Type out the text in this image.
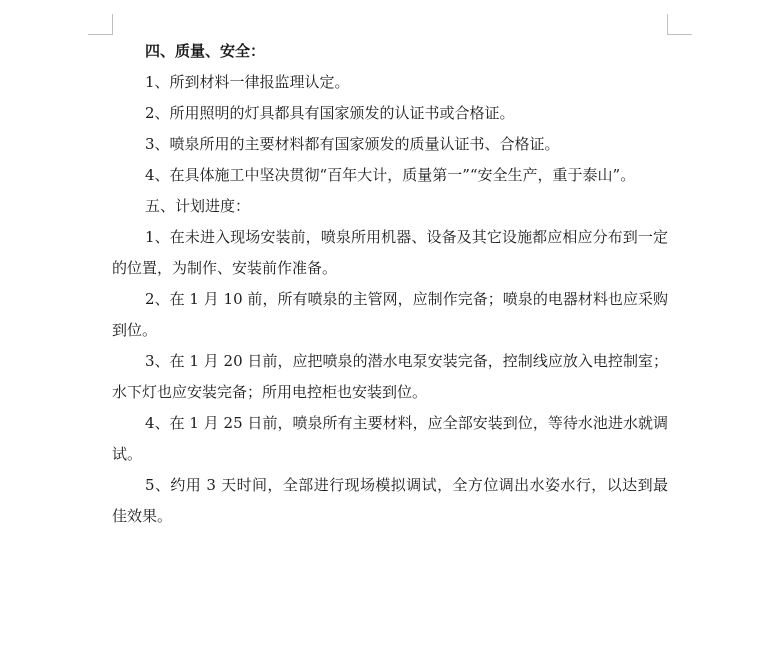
四、质量、安全：

1、所到材料一律报监理认定。

2、所用照明的灯具都具有国家颁发的认证书或合格证。

3、喷泉所用的主要材料都有国家颁发的质量认证书、合格证。

4、在具体施工中坚决贯彻“百年大计，质量第一”“安全生产，重于泰山”。

五、计划进度：

1、在未进入现场安装前，喷泉所用机器、设备及其它设施都应相应分布到一定的位置，为制作、安装前作准备。

2、在 1 月 10 前，所有喷泉的主管网，应制作完备；喷泉的电器材料也应采购到位。

3、在 1 月 20 日前，应把喷泉的潜水电泵安装完备，控制线应放入电控制室；水下灯也应安装完备；所用电控柜也安装到位。

4、在 1 月 25 日前，喷泉所有主要材料，应全部安装到位，等待水池进水就调试。

5、约用 3 天时间，全部进行现场模拟调试，全方位调出水姿水行，以达到最佳效果。
